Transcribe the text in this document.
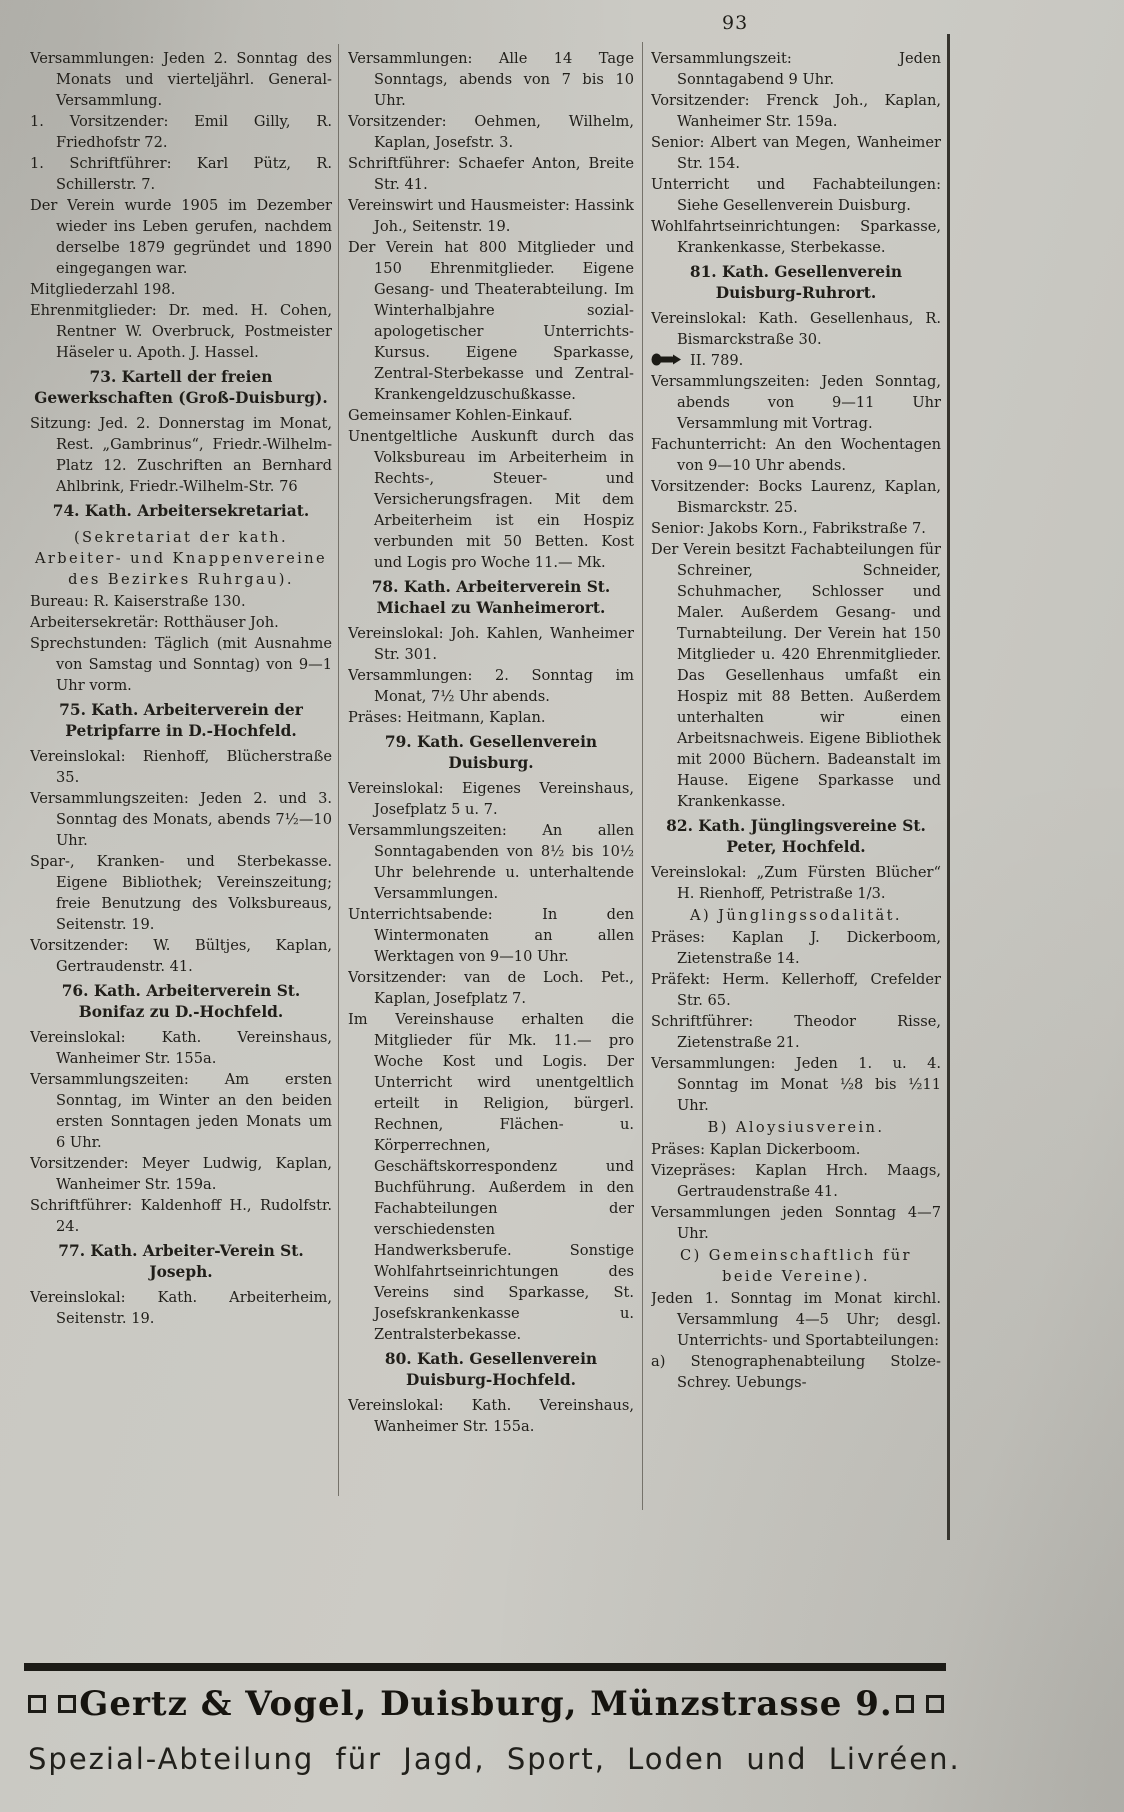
93
Versammlungen: Jeden 2. Sonntag des Monats und vierteljährl. General-Versammlung.
1. Vorsitzender: Emil Gilly, R. Friedhofstr 72.
1. Schriftführer: Karl Pütz, R. Schillerstr. 7.
Der Verein wurde 1905 im Dezember wieder ins Leben gerufen, nachdem derselbe 1879 gegründet und 1890 eingegangen war.
Mitgliederzahl 198.
Ehrenmitglieder: Dr. med. H. Cohen, Rentner W. Overbruck, Postmeister Häseler u. Apoth. J. Hassel.
73. Kartell der freien Gewerkschaften (Groß-Duisburg).
Sitzung: Jed. 2. Donnerstag im Monat, Rest. „Gambrinus“, Friedr.-Wilhelm-Platz 12. Zuschriften an Bernhard Ahlbrink, Friedr.-Wilhelm-Str. 76
74. Kath. Arbeitersekretariat.
(Sekretariat der kath. Arbeiter- und Knappenvereine des Bezirkes Ruhrgau).
Bureau: R. Kaiserstraße 130.
Arbeitersekretär: Rotthäuser Joh.
Sprechstunden: Täglich (mit Ausnahme von Samstag und Sonntag) von 9—1 Uhr vorm.
75. Kath. Arbeiterverein der Petripfarre in D.-Hochfeld.
Vereinslokal: Rienhoff, Blücherstraße 35.
Versammlungszeiten: Jeden 2. und 3. Sonntag des Monats, abends 7½—10 Uhr.
Spar-, Kranken- und Sterbekasse. Eigene Bibliothek; Vereinszeitung; freie Benutzung des Volksbureaus, Seitenstr. 19.
Vorsitzender: W. Bültjes, Kaplan, Gertraudenstr. 41.
76. Kath. Arbeiterverein St. Bonifaz zu D.-Hochfeld.
Vereinslokal: Kath. Vereinshaus, Wanheimer Str. 155a.
Versammlungszeiten: Am ersten Sonntag, im Winter an den beiden ersten Sonntagen jeden Monats um 6 Uhr.
Vorsitzender: Meyer Ludwig, Kaplan, Wanheimer Str. 159a.
Schriftführer: Kaldenhoff H., Rudolfstr. 24.
77. Kath. Arbeiter-Verein St. Joseph.
Vereinslokal: Kath. Arbeiterheim, Seitenstr. 19.
Versammlungen: Alle 14 Tage Sonntags, abends von 7 bis 10 Uhr.
Vorsitzender: Oehmen, Wilhelm, Kaplan, Josefstr. 3.
Schriftführer: Schaefer Anton, Breite Str. 41.
Vereinswirt und Hausmeister: Hassink Joh., Seitenstr. 19.
Der Verein hat 800 Mitglieder und 150 Ehrenmitglieder. Eigene Gesang- und Theaterabteilung. Im Winterhalbjahre sozial-apologetischer Unterrichts-Kursus. Eigene Sparkasse, Zentral-Sterbekasse und Zentral-Krankengeldzuschußkasse.
Gemeinsamer Kohlen-Einkauf.
Unentgeltliche Auskunft durch das Volksbureau im Arbeiterheim in Rechts-, Steuer- und Versicherungsfragen. Mit dem Arbeiterheim ist ein Hospiz verbunden mit 50 Betten. Kost und Logis pro Woche 11.— Mk.
78. Kath. Arbeiterverein St. Michael zu Wanheimerort.
Vereinslokal: Joh. Kahlen, Wanheimer Str. 301.
Versammlungen: 2. Sonntag im Monat, 7½ Uhr abends.
Präses: Heitmann, Kaplan.
79. Kath. Gesellenverein Duisburg.
Vereinslokal: Eigenes Vereinshaus, Josefplatz 5 u. 7.
Versammlungszeiten: An allen Sonntagabenden von 8½ bis 10½ Uhr belehrende u. unterhaltende Versammlungen.
Unterrichtsabende: In den Wintermonaten an allen Werktagen von 9—10 Uhr.
Vorsitzender: van de Loch. Pet., Kaplan, Josefplatz 7.
Im Vereinshause erhalten die Mitglieder für Mk. 11.— pro Woche Kost und Logis. Der Unterricht wird unentgeltlich erteilt in Religion, bürgerl. Rechnen, Flächen- u. Körperrechnen, Geschäftskorrespondenz und Buchführung. Außerdem in den Fachabteilungen der verschiedensten Handwerksberufe. Sonstige Wohlfahrtseinrichtungen des Vereins sind Sparkasse, St. Josefskrankenkasse u. Zentralsterbekasse.
80. Kath. Gesellenverein Duisburg-Hochfeld.
Vereinslokal: Kath. Vereinshaus, Wanheimer Str. 155a.
Versammlungszeit: Jeden Sonntagabend 9 Uhr.
Vorsitzender: Frenck Joh., Kaplan, Wanheimer Str. 159a.
Senior: Albert van Megen, Wanheimer Str. 154.
Unterricht und Fachabteilungen: Siehe Gesellenverein Duisburg.
Wohlfahrtseinrichtungen: Sparkasse, Krankenkasse, Sterbekasse.
81. Kath. Gesellenverein Duisburg-Ruhrort.
Vereinslokal: Kath. Gesellenhaus, R. Bismarckstraße 30.
II. 789.
Versammlungszeiten: Jeden Sonntag, abends von 9—11 Uhr Versammlung mit Vortrag.
Fachunterricht: An den Wochentagen von 9—10 Uhr abends.
Vorsitzender: Bocks Laurenz, Kaplan, Bismarckstr. 25.
Senior: Jakobs Korn., Fabrikstraße 7.
Der Verein besitzt Fachabteilungen für Schreiner, Schneider, Schuhmacher, Schlosser und Maler. Außerdem Gesang- und Turnabteilung. Der Verein hat 150 Mitglieder u. 420 Ehrenmitglieder. Das Gesellenhaus umfaßt ein Hospiz mit 88 Betten. Außerdem unterhalten wir einen Arbeitsnachweis. Eigene Bibliothek mit 2000 Büchern. Badeanstalt im Hause. Eigene Sparkasse und Krankenkasse.
82. Kath. Jünglingsvereine St. Peter, Hochfeld.
Vereinslokal: „Zum Fürsten Blücher“ H. Rienhoff, Petristraße 1/3.
A) Jünglingssodalität.
Präses: Kaplan J. Dickerboom, Zietenstraße 14.
Präfekt: Herm. Kellerhoff, Crefelder Str. 65.
Schriftführer: Theodor Risse, Zietenstraße 21.
Versammlungen: Jeden 1. u. 4. Sonntag im Monat ½8 bis ½11 Uhr.
B) Aloysiusverein.
Präses: Kaplan Dickerboom.
Vizepräses: Kaplan Hrch. Maags, Gertraudenstraße 41.
Versammlungen jeden Sonntag 4—7 Uhr.
C) Gemeinschaftlich für beide Vereine).
Jeden 1. Sonntag im Monat kirchl. Versammlung 4—5 Uhr; desgl. Unterrichts- und Sportabteilungen:
a) Stenographenabteilung Stolze-Schrey. Uebungs-
Gertz & Vogel, Duisburg, Münzstrasse 9.
Spezial-Abteilung für Jagd, Sport, Loden und Livréen.
